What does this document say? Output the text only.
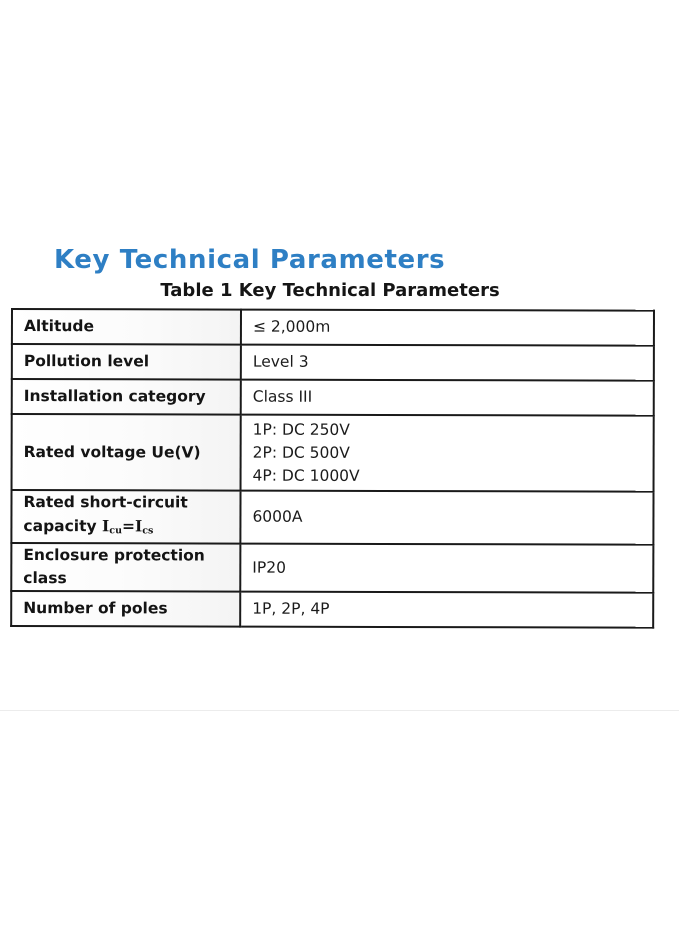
Key Technical Parameters
Table 1 Key Technical Parameters
Altitude	≤ 2,000m
Pollution level	Level 3
Installation category	Class III
Rated voltage Ue(V)	1P: DC 250V
2P: DC 500V
4P: DC 1000V

Rated short-circuit
capacity $I_{cu}=I_{cs}$	6000A
Enclosure protection class	IP20
Number of poles	1P, 2P, 4P
